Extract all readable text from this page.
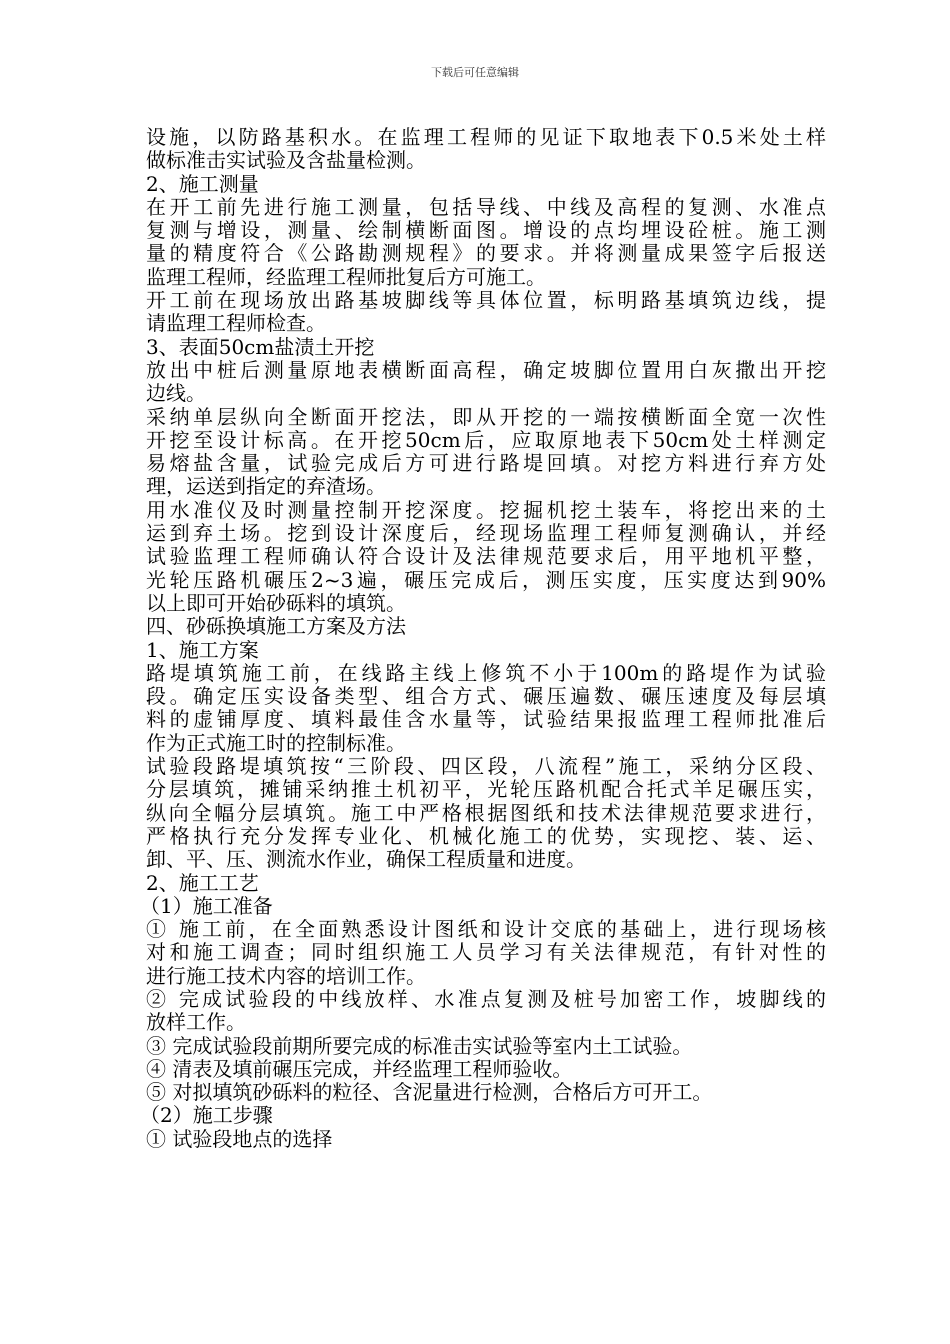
下载后可任意编辑
设施，以防路基积水。在监理工程师的见证下取地表下0.5米处土样
做标准击实试验及含盐量检测。
2、施工测量
在开工前先进行施工测量，包括导线、中线及高程的复测、水准点
复测与增设，测量、绘制横断面图。增设的点均埋设砼桩。施工测
量的精度符合《公路勘测规程》的要求。并将测量成果签字后报送
监理工程师，经监理工程师批复后方可施工。
开工前在现场放出路基坡脚线等具体位置，标明路基填筑边线，提
请监理工程师检查。
3、表面50cm盐渍土开挖
放出中桩后测量原地表横断面高程，确定坡脚位置用白灰撒出开挖
边线。
采纳单层纵向全断面开挖法，即从开挖的一端按横断面全宽一次性
开挖至设计标高。在开挖50cm后，应取原地表下50cm处土样测定
易熔盐含量，试验完成后方可进行路堤回填。对挖方料进行弃方处
理，运送到指定的弃渣场。
用水准仪及时测量控制开挖深度。挖掘机挖土装车，将挖出来的土
运到弃土场。挖到设计深度后，经现场监理工程师复测确认，并经
试验监理工程师确认符合设计及法律规范要求后，用平地机平整，
光轮压路机碾压2~3遍，碾压完成后，测压实度，压实度达到90%
以上即可开始砂砾料的填筑。
四、砂砾换填施工方案及方法
1、施工方案
路堤填筑施工前，在线路主线上修筑不小于100m的路堤作为试验
段。确定压实设备类型、组合方式、碾压遍数、碾压速度及每层填
料的虚铺厚度、填料最佳含水量等，试验结果报监理工程师批准后
作为正式施工时的控制标准。
试验段路堤填筑按“三阶段、四区段，八流程”施工，采纳分区段、
分层填筑，摊铺采纳推土机初平，光轮压路机配合托式羊足碾压实，
纵向全幅分层填筑。施工中严格根据图纸和技术法律规范要求进行，
严格执行充分发挥专业化、机械化施工的优势，实现挖、装、运、
卸、平、压、测流水作业，确保工程质量和进度。
2、施工工艺
（1）施工准备
① 施工前，在全面熟悉设计图纸和设计交底的基础上，进行现场核
对和施工调查；同时组织施工人员学习有关法律规范，有针对性的
进行施工技术内容的培训工作。
② 完成试验段的中线放样、水准点复测及桩号加密工作，坡脚线的
放样工作。
③ 完成试验段前期所要完成的标准击实试验等室内土工试验。
④ 清表及填前碾压完成，并经监理工程师验收。
⑤ 对拟填筑砂砾料的粒径、含泥量进行检测，合格后方可开工。
（2）施工步骤
① 试验段地点的选择
